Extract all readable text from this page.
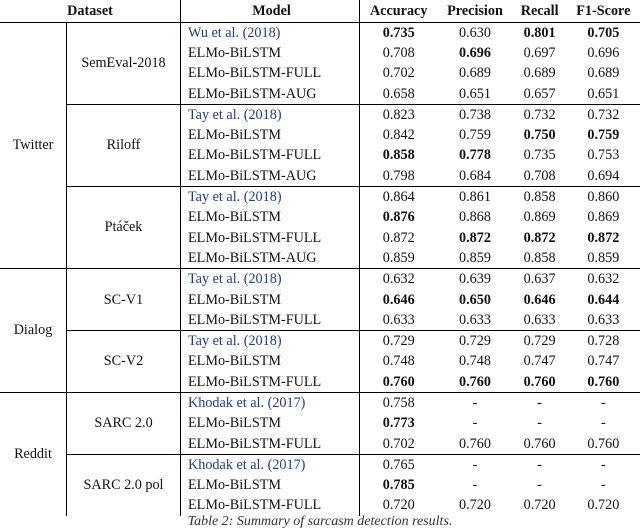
Dataset		Model	Accuracy	Precision	Recall	F1-Score
Twitter	SemEval-2018	Wu et al. (2018)	0.735	0.630	0.801	0.705
		ELMo-BiLSTM	0.708	0.696	0.697	0.696
		ELMo-BiLSTM-FULL	0.702	0.689	0.689	0.689
		ELMo-BiLSTM-AUG	0.658	0.651	0.657	0.651
	Riloff	Tay et al. (2018)	0.823	0.738	0.732	0.732
		ELMo-BiLSTM	0.842	0.759	0.750	0.759
		ELMo-BiLSTM-FULL	0.858	0.778	0.735	0.753
		ELMo-BiLSTM-AUG	0.798	0.684	0.708	0.694
	Ptáček	Tay et al. (2018)	0.864	0.861	0.858	0.860
		ELMo-BiLSTM	0.876	0.868	0.869	0.869
		ELMo-BiLSTM-FULL	0.872	0.872	0.872	0.872
		ELMo-BiLSTM-AUG	0.859	0.859	0.858	0.859
Dialog	SC-V1	Tay et al. (2018)	0.632	0.639	0.637	0.632
		ELMo-BiLSTM	0.646	0.650	0.646	0.644
		ELMo-BiLSTM-FULL	0.633	0.633	0.633	0.633
	SC-V2	Tay et al. (2018)	0.729	0.729	0.729	0.728
		ELMo-BiLSTM	0.748	0.748	0.747	0.747
		ELMo-BiLSTM-FULL	0.760	0.760	0.760	0.760
Reddit	SARC 2.0	Khodak et al. (2017)	0.758	-	-	-
		ELMo-BiLSTM	0.773	-	-	-
		ELMo-BiLSTM-FULL	0.702	0.760	0.760	0.760
	SARC 2.0 pol	Khodak et al. (2017)	0.765	-	-	-
		ELMo-BiLSTM	0.785	-	-	-
		ELMo-BiLSTM-FULL	0.720	0.720	0.720	0.720
Table 2: Summary of sarcasm detection results.
